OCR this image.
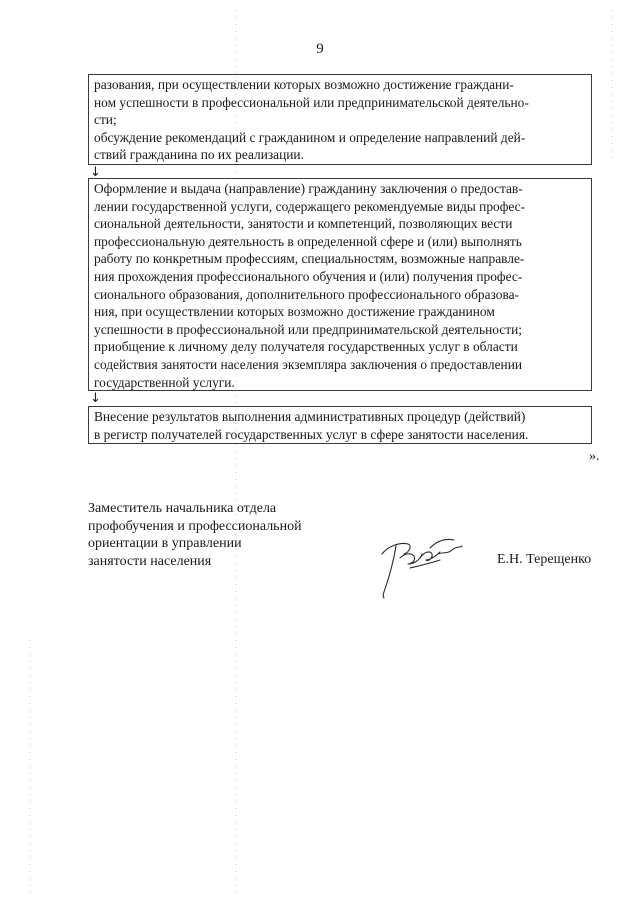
9
разования, при осуществлении которых возможно достижение граждани-
ном успешности в профессиональной или предпринимательской деятельно-
сти;
обсуждение рекомендаций с гражданином и определение направлений дей-
ствий гражданина по их реализации.
↓
Оформление и выдача (направление) гражданину заключения о предостав-
лении государственной услуги, содержащего рекомендуемые виды профес-
сиональной деятельности, занятости и компетенций, позволяющих вести
профессиональную деятельность в определенной сфере и (или) выполнять
работу по конкретным профессиям, специальностям, возможные направле-
ния прохождения профессионального обучения и (или) получения профес-
сионального образования, дополнительного профессионального образова-
ния, при осуществлении которых возможно достижение гражданином
успешности в профессиональной или предпринимательской деятельности;
приобщение к личному делу получателя государственных услуг в области
содействия занятости населения экземпляра заключения о предоставлении
государственной услуги.
↓
Внесение результатов выполнения административных процедур (действий)
в регистр получателей государственных услуг в сфере занятости населения.
».
Заместитель начальника отдела
профобучения и профессиональной
ориентации в управлении
занятости населения	Е.Н. Терещенко
